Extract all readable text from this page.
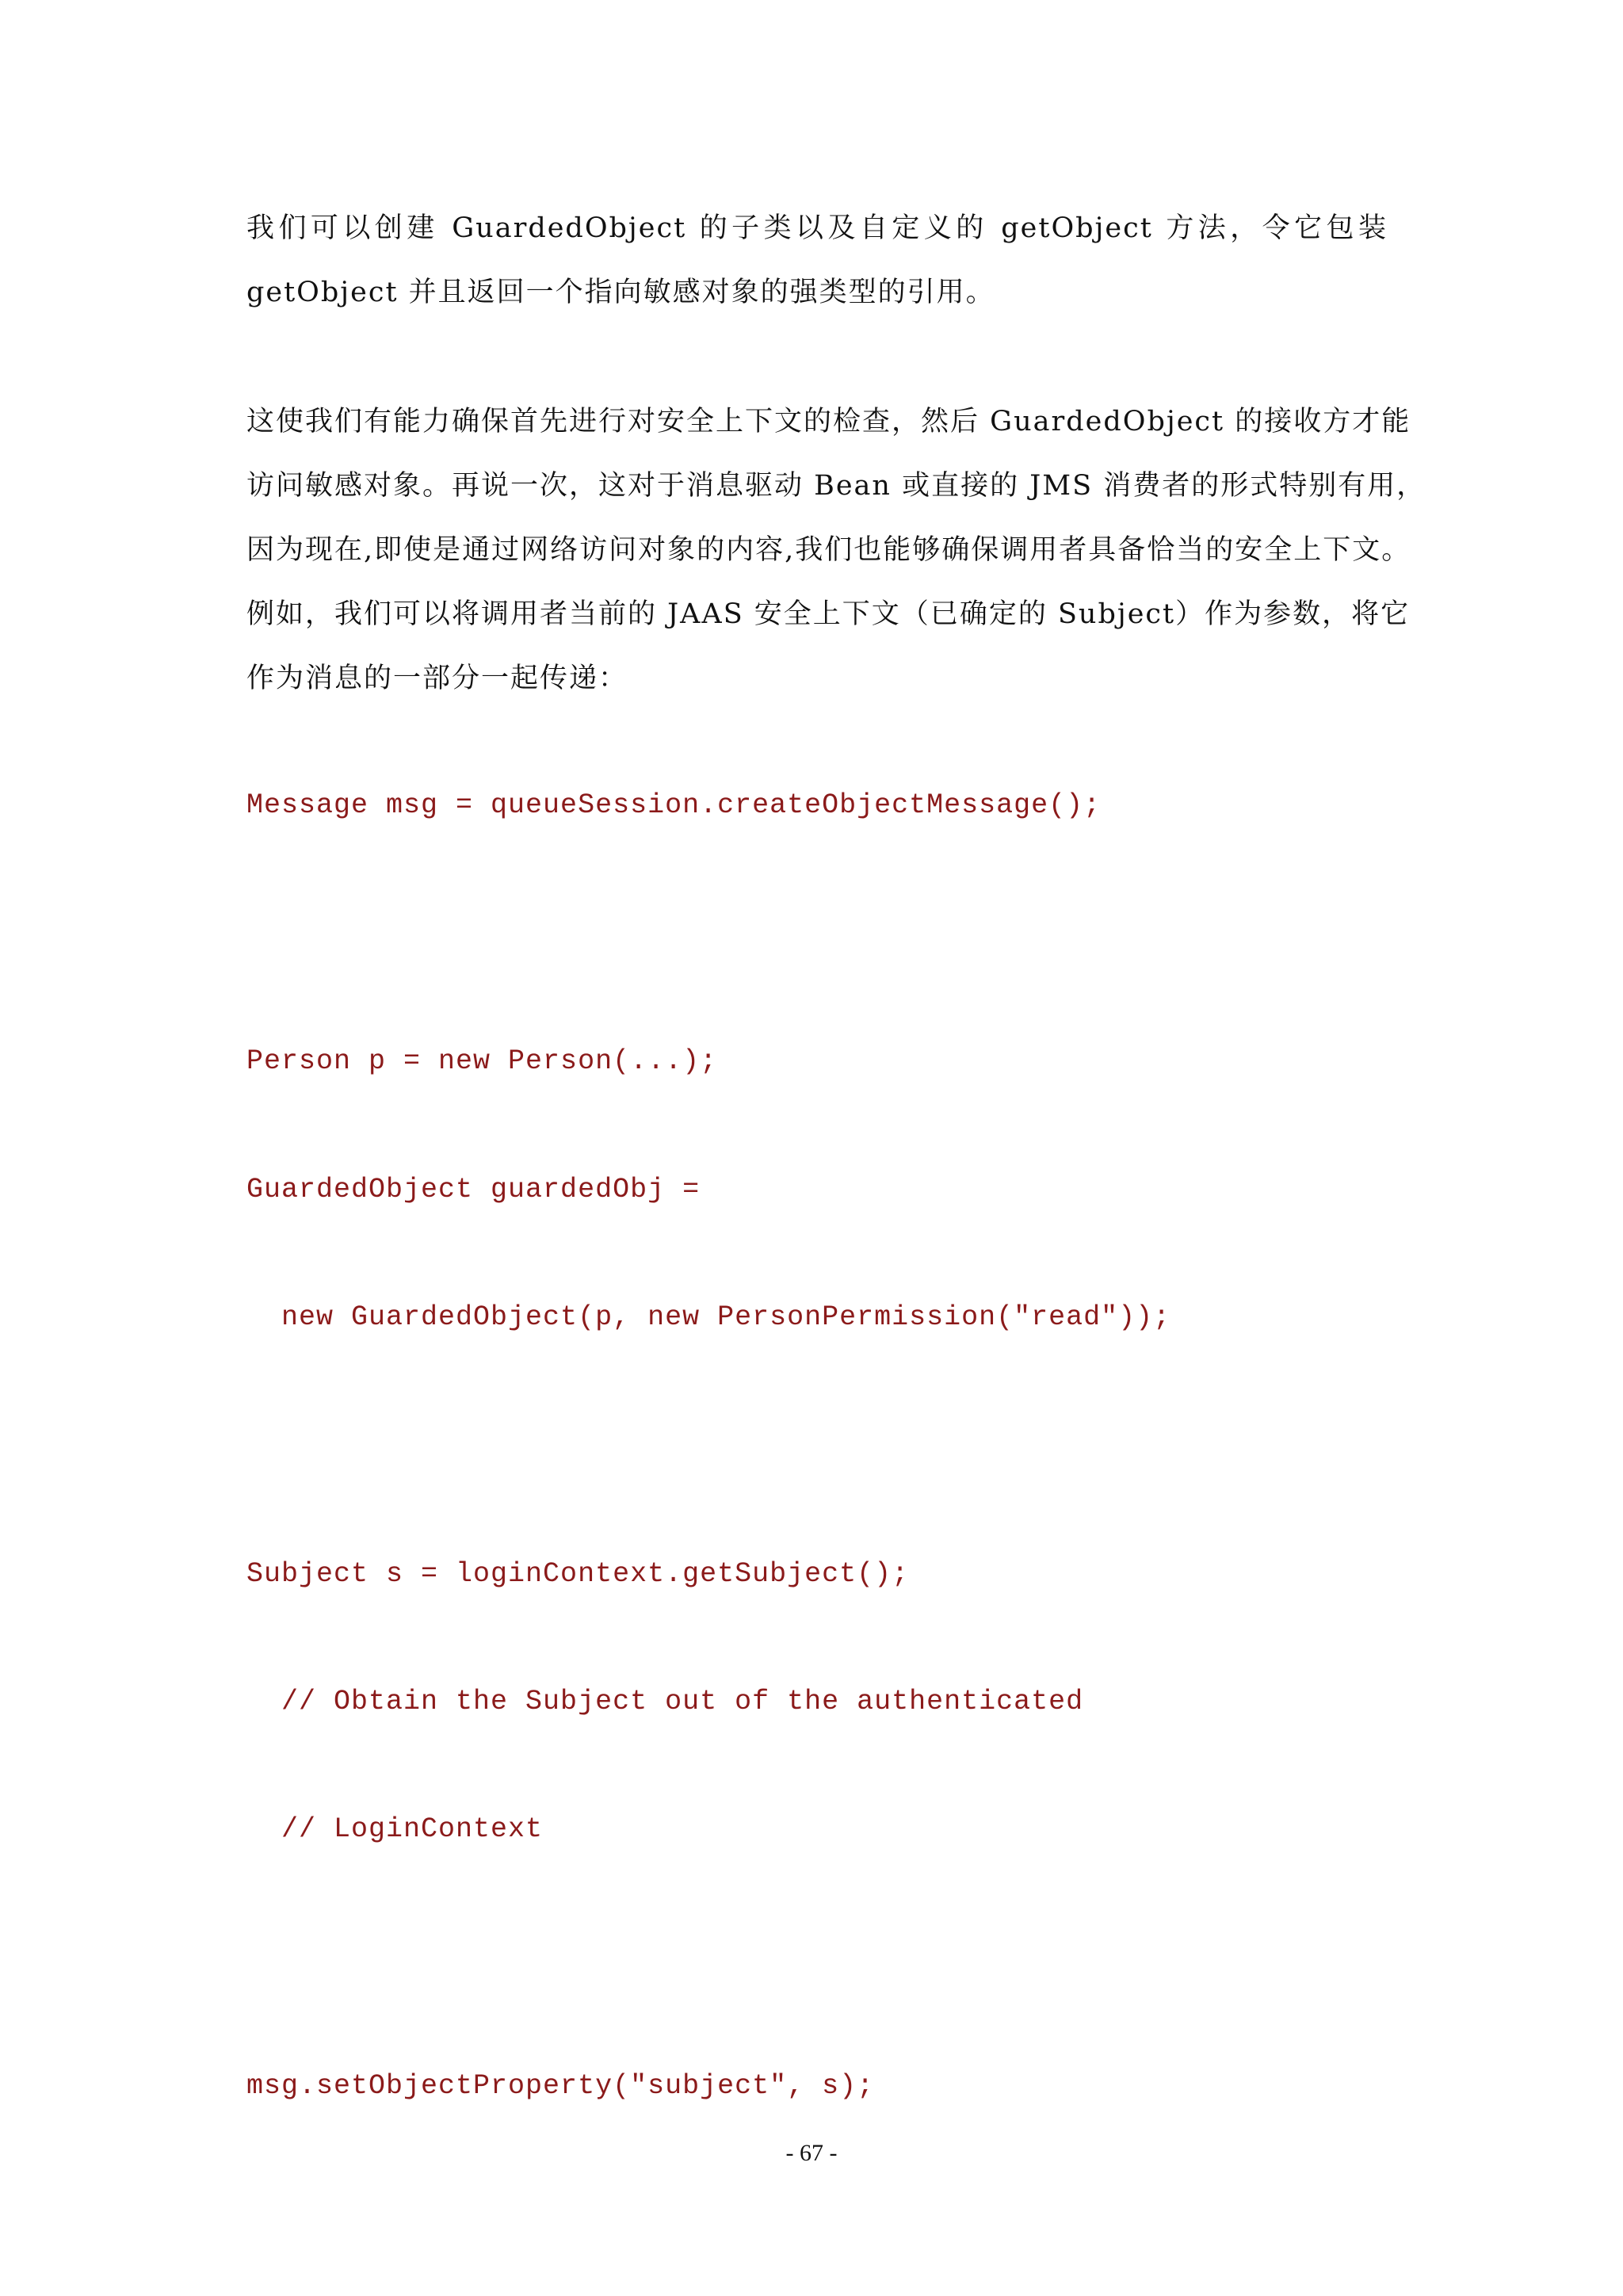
我们可以创建 GuardedObject 的子类以及自定义的 getObject 方法，令它包装
getObject 并且返回一个指向敏感对象的强类型的引用。
这使我们有能力确保首先进行对安全上下文的检查，然后 GuardedObject 的接收方才能
访问敏感对象。再说一次，这对于消息驱动 Bean 或直接的 JMS 消费者的形式特别有用，
因为现在,即使是通过网络访问对象的内容,我们也能够确保调用者具备恰当的安全上下文。
例如，我们可以将调用者当前的 JAAS 安全上下文（已确定的 Subject）作为参数，将它
作为消息的一部分一起传递：
Message msg = queueSession.createObjectMessage();
Person p = new Person(...);
GuardedObject guardedObj =
new GuardedObject(p, new PersonPermission("read"));
Subject s = loginContext.getSubject();
// Obtain the Subject out of the authenticated
// LoginContext
msg.setObjectProperty("subject", s);
- 67 -
